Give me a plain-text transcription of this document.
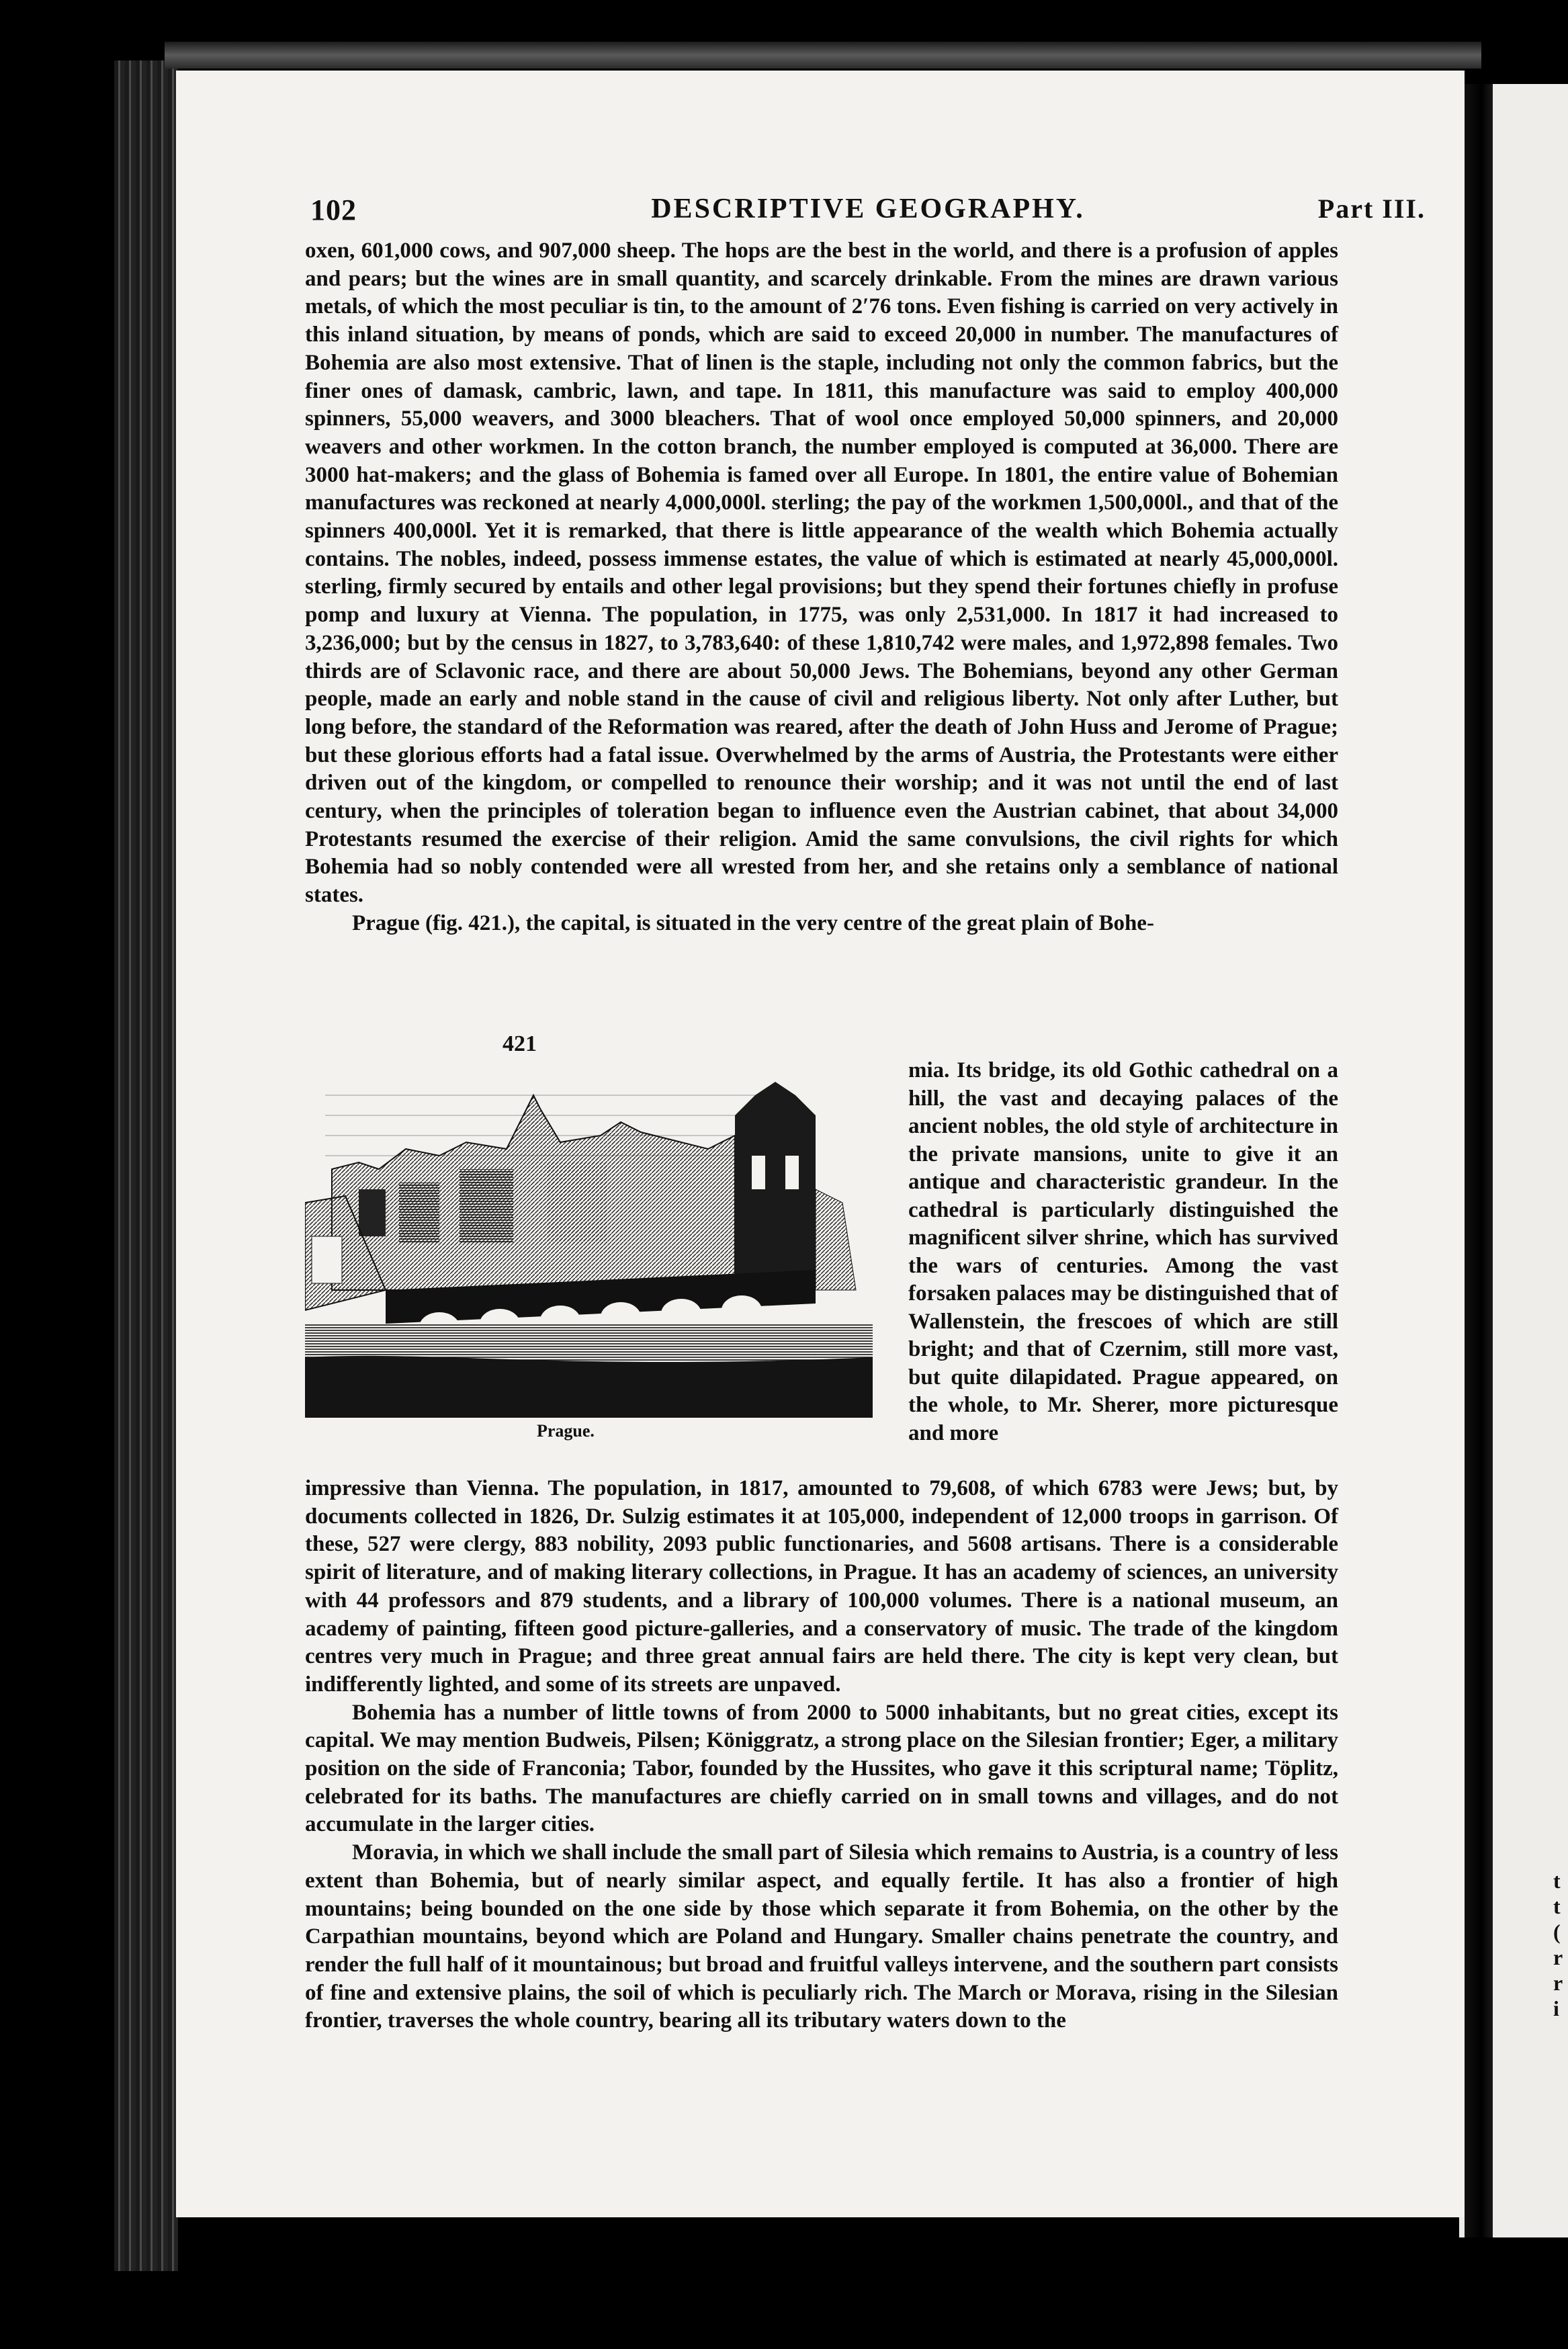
t
t
(
r
r
i
102	DESCRIPTIVE GEOGRAPHY.	Part III.

oxen, 601,000 cows, and 907,000 sheep. The hops are the best in the world, and there is a profusion of apples and pears; but the wines are in small quantity, and scarcely drinkable. From the mines are drawn various metals, of which the most peculiar is tin, to the amount of 2ʹ76 tons. Even fishing is carried on very actively in this inland situation, by means of ponds, which are said to exceed 20,000 in number. The manufactures of Bohemia are also most extensive. That of linen is the staple, including not only the common fabrics, but the finer ones of damask, cambric, lawn, and tape. In 1811, this manufacture was said to employ 400,000 spinners, 55,000 weavers, and 3000 bleachers. That of wool once employed 50,000 spinners, and 20,000 weavers and other workmen. In the cotton branch, the number employed is computed at 36,000. There are 3000 hat-makers; and the glass of Bohemia is famed over all Europe. In 1801, the entire value of Bohemian manufactures was reckoned at nearly 4,000,000l. sterling; the pay of the workmen 1,500,000l., and that of the spinners 400,000l. Yet it is remarked, that there is little appearance of the wealth which Bohemia actually contains. The nobles, indeed, possess immense estates, the value of which is estimated at nearly 45,000,000l. sterling, firmly secured by entails and other legal provisions; but they spend their fortunes chiefly in profuse pomp and luxury at Vienna. The population, in 1775, was only 2,531,000. In 1817 it had increased to 3,236,000; but by the census in 1827, to 3,783,640: of these 1,810,742 were males, and 1,972,898 females. Two thirds are of Sclavonic race, and there are about 50,000 Jews. The Bohemians, beyond any other German people, made an early and noble stand in the cause of civil and religious liberty. Not only after Luther, but long before, the standard of the Reformation was reared, after the death of John Huss and Jerome of Prague; but these glorious efforts had a fatal issue. Overwhelmed by the arms of Austria, the Protestants were either driven out of the kingdom, or compelled to renounce their worship; and it was not until the end of last century, when the principles of toleration began to influence even the Austrian cabinet, that about 34,000 Protestants resumed the exercise of their religion. Amid the same convulsions, the civil rights for which Bohemia had so nobly contended were all wrested from her, and she retains only a semblance of national states.

Prague (fig. 421.), the capital, is situated in the very centre of the great plain of Bohe-

421
Prague.
mia. Its bridge, its old Gothic cathedral on a hill, the vast and decaying palaces of the ancient nobles, the old style of architecture in the private mansions, unite to give it an antique and characteristic grandeur. In the cathedral is particularly distinguished the magnificent silver shrine, which has survived the wars of centuries. Among the vast forsaken palaces may be distinguished that of Wallenstein, the frescoes of which are still bright; and that of Czernim, still more vast, but quite dilapidated. Prague appeared, on the whole, to Mr. Sherer, more picturesque and more

impressive than Vienna. The population, in 1817, amounted to 79,608, of which 6783 were Jews; but, by documents collected in 1826, Dr. Sulzig estimates it at 105,000, independent of 12,000 troops in garrison. Of these, 527 were clergy, 883 nobility, 2093 public functionaries, and 5608 artisans. There is a considerable spirit of literature, and of making literary collections, in Prague. It has an academy of sciences, an university with 44 professors and 879 students, and a library of 100,000 volumes. There is a national museum, an academy of painting, fifteen good picture-galleries, and a conservatory of music. The trade of the kingdom centres very much in Prague; and three great annual fairs are held there. The city is kept very clean, but indifferently lighted, and some of its streets are unpaved.

Bohemia has a number of little towns of from 2000 to 5000 inhabitants, but no great cities, except its capital. We may mention Budweis, Pilsen; Königgratz, a strong place on the Silesian frontier; Eger, a military position on the side of Franconia; Tabor, founded by the Hussites, who gave it this scriptural name; Töplitz, celebrated for its baths. The manufactures are chiefly carried on in small towns and villages, and do not accumulate in the larger cities.

Moravia, in which we shall include the small part of Silesia which remains to Austria, is a country of less extent than Bohemia, but of nearly similar aspect, and equally fertile. It has also a frontier of high mountains; being bounded on the one side by those which separate it from Bohemia, on the other by the Carpathian mountains, beyond which are Poland and Hungary. Smaller chains penetrate the country, and render the full half of it mountainous; but broad and fruitful valleys intervene, and the southern part consists of fine and extensive plains, the soil of which is peculiarly rich. The March or Morava, rising in the Silesian frontier, traverses the whole country, bearing all its tributary waters down to the
